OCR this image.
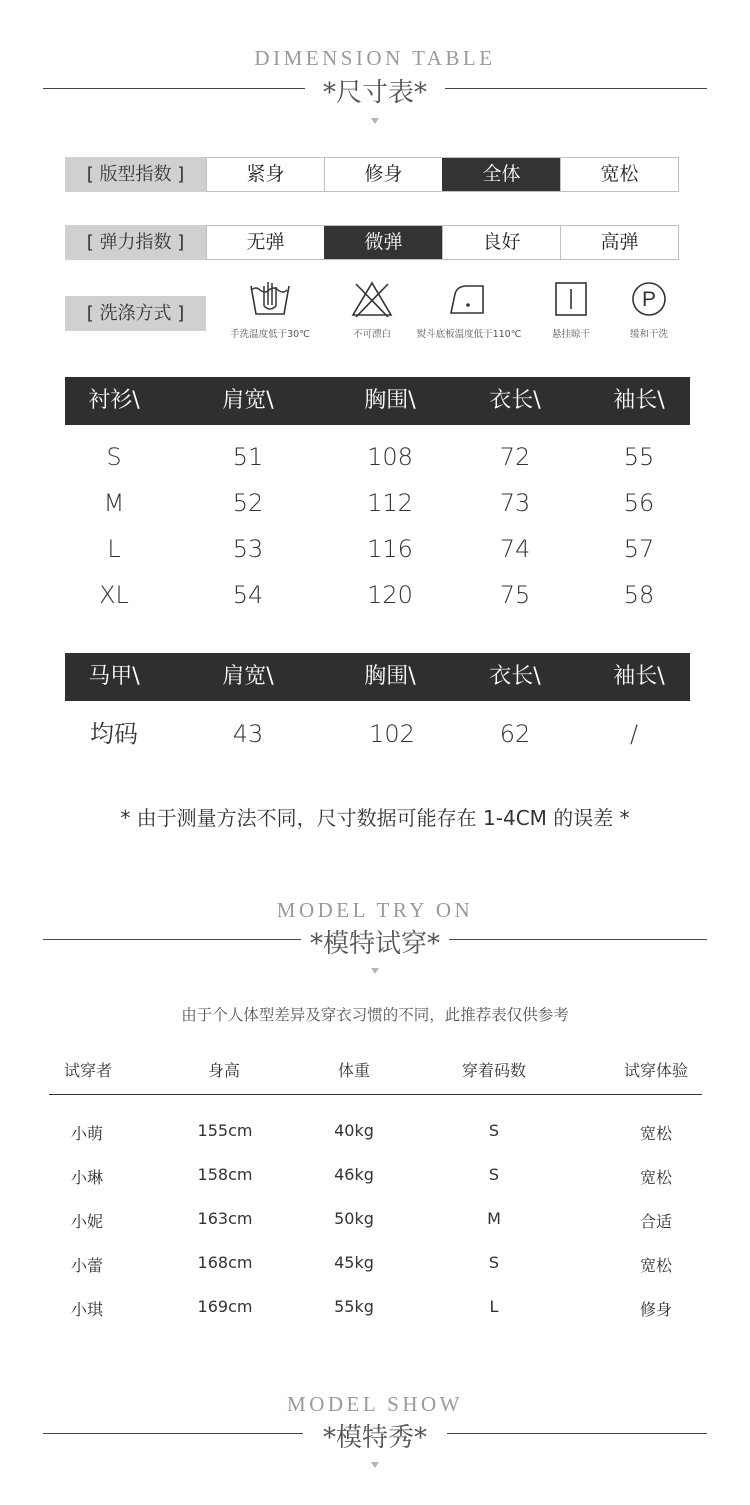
DIMENSION TABLE
*尺寸表*
[ 版型指数 ]	紧身	修身	全体	宽松
[ 弹力指数 ]	无弹	微弹	良好	高弹
[ 洗涤方式 ]
手洗温度低于30℃	不可漂白	熨斗底板温度低于110℃	悬挂晾干
P
缓和干洗
衬衫\	肩宽\	胸围\	衣长\	袖长\
S	51	108	72	55
M	52	112	73	56
L	53	116	74	57
XL	54	120	75	58
马甲\	肩宽\	胸围\	衣长\	袖长\
均码	43	102	62	/
* 由于测量方法不同，尺寸数据可能存在 1-4CM 的误差 *
MODEL TRY ON
*模特试穿*
由于个人体型差异及穿衣习惯的不同，此推荐表仅供参考
试穿者	身高	体重	穿着码数	试穿体验
小萌	155cm	40kg	S	宽松
小琳	158cm	46kg	S	宽松
小妮	163cm	50kg	M	合适
小蕾	168cm	45kg	S	宽松
小琪	169cm	55kg	L	修身
MODEL SHOW
*模特秀*
